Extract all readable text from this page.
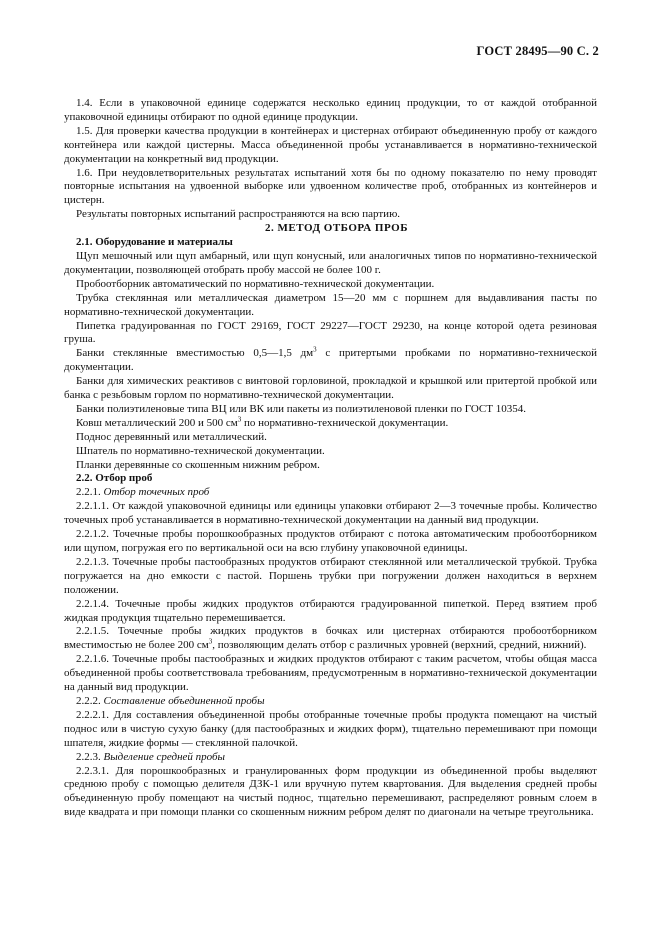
ГОСТ 28495—90 С. 2

1.4. Если в упаковочной единице содержатся несколько единиц продукции, то от каждой отобранной упаковочной единицы отбирают по одной единице продукции.

1.5. Для проверки качества продукции в контейнерах и цистернах отбирают объединенную пробу от каждого контейнера или каждой цистерны. Масса объединенной пробы устанавливается в нормативно-технической документации на конкретный вид продукции.

1.6. При неудовлетворительных результатах испытаний хотя бы по одному показателю по нему проводят повторные испытания на удвоенной выборке или удвоенном количестве проб, отобранных из контейнеров и цистерн.

Результаты повторных испытаний распространяются на всю партию.

2. МЕТОД ОТБОРА ПРОБ

2.1. Оборудование и материалы

Щуп мешочный или щуп амбарный, или щуп конусный, или аналогичных типов по нормативно-технической документации, позволяющей отобрать пробу массой не более 100 г.

Пробоотборник автоматический по нормативно-технической документации.

Трубка стеклянная или металлическая диаметром 15—20 мм с поршнем для выдавливания пасты по нормативно-технической документации.

Пипетка градуированная по ГОСТ 29169, ГОСТ 29227—ГОСТ 29230, на конце которой одета резиновая груша.

Банки стеклянные вместимостью 0,5—1,5 $дм^3$ с притертыми пробками по нормативно-технической документации.

Банки для химических реактивов с винтовой горловиной, прокладкой и крышкой или притертой пробкой или банка с резьбовым горлом по нормативно-технической документации.

Банки полиэтиленовые типа ВЦ или ВК или пакеты из полиэтиленовой пленки по ГОСТ 10354.

Ковш металлический 200 и 500 $см^3$ по нормативно-технической документации.

Поднос деревянный или металлический.

Шпатель по нормативно-технической документации.

Планки деревянные со скошенным нижним ребром.

2.2. Отбор проб

2.2.1. Отбор точечных проб

2.2.1.1. От каждой упаковочной единицы или единицы упаковки отбирают 2—3 точечные пробы. Количество точечных проб устанавливается в нормативно-технической документации на данный вид продукции.

2.2.1.2. Точечные пробы порошкообразных продуктов отбирают с потока автоматическим пробоотборником или щупом, погружая его по вертикальной оси на всю глубину упаковочной единицы.

2.2.1.3. Точечные пробы пастообразных продуктов отбирают стеклянной или металлической трубкой. Трубка погружается на дно емкости с пастой. Поршень трубки при погружении должен находиться в верхнем положении.

2.2.1.4. Точечные пробы жидких продуктов отбираются градуированной пипеткой. Перед взятием проб жидкая продукция тщательно перемешивается.

2.2.1.5. Точечные пробы жидких продуктов в бочках или цистернах отбираются пробоотборником вместимостью не более 200 $см^3$, позволяющим делать отбор с различных уровней (верхний, средний, нижний).

2.2.1.6. Точечные пробы пастообразных и жидких продуктов отбирают с таким расчетом, чтобы общая масса объединенной пробы соответствовала требованиям, предусмотренным в нормативно-технической документации на данный вид продукции.

2.2.2. Составление объединенной пробы

2.2.2.1. Для составления объединенной пробы отобранные точечные пробы продукта помещают на чистый поднос или в чистую сухую банку (для пастообразных и жидких форм), тщательно перемешивают при помощи шпателя, жидкие формы — стеклянной палочкой.

2.2.3. Выделение средней пробы

2.2.3.1. Для порошкообразных и гранулированных форм продукции из объединенной пробы выделяют среднюю пробу с помощью делителя ДЗК-1 или вручную путем квартования. Для выделения средней пробы объединенную пробу помещают на чистый поднос, тщательно перемешивают, распределяют ровным слоем в виде квадрата и при помощи планки со скошенным нижним ребром делят по диагонали на четыре треугольника.
